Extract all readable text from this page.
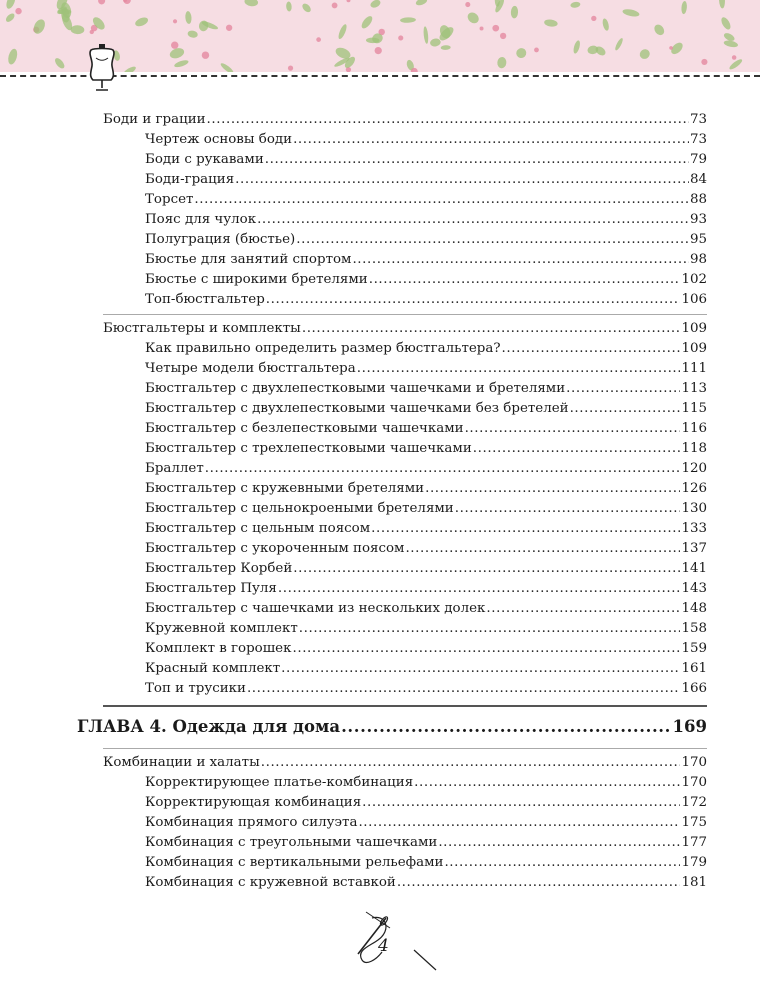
Боди и грации .....	73
Чертеж основы боди .....	73
Боди с рукавами .....	79
Боди-грация .....	84
Торсет .....	88
Пояс для чулок .....	93
Полуграция (бюстье) .....	95
Бюстье для занятий спортом .....	98
Бюстье с широкими бретелями .....	102
Топ-бюстгальтер .....	106
Бюстгальтеры и комплекты .....	109
Как правильно определить размер бюстгальтера? .....	109
Четыре модели бюстгальтера .....	111
Бюстгальтер с двухлепестковыми чашечками и бретелями .....	113
Бюстгальтер с двухлепестковыми чашечками без бретелей .....	115
Бюстгальтер с безлепестковыми чашечками .....	116
Бюстгальтер с трехлепестковыми чашечками .....	118
Браллет .....	120
Бюстгальтер с кружевными бретелями .....	126
Бюстгальтер с цельнокроеными бретелями .....	130
Бюстгальтер с цельным поясом .....	133
Бюстгальтер с укороченным поясом .....	137
Бюстгальтер Корбей .....	141
Бюстгальтер Пуля .....	143
Бюстгальтер с чашечками из нескольких долек .....	148
Кружевной комплект .....	158
Комплект в горошек .....	159
Красный комплект .....	161
Топ и трусики .....	166
ГЛАВА 4. Одежда для дома .....	169
Комбинации и халаты .....	170
Корректирующее платье-комбинация .....	170
Корректирующая комбинация .....	172
Комбинация прямого силуэта .....	175
Комбинация с треугольными чашечками .....	177
Комбинация с вертикальными рельефами .....	179
Комбинация с кружевной вставкой .....	181
4
